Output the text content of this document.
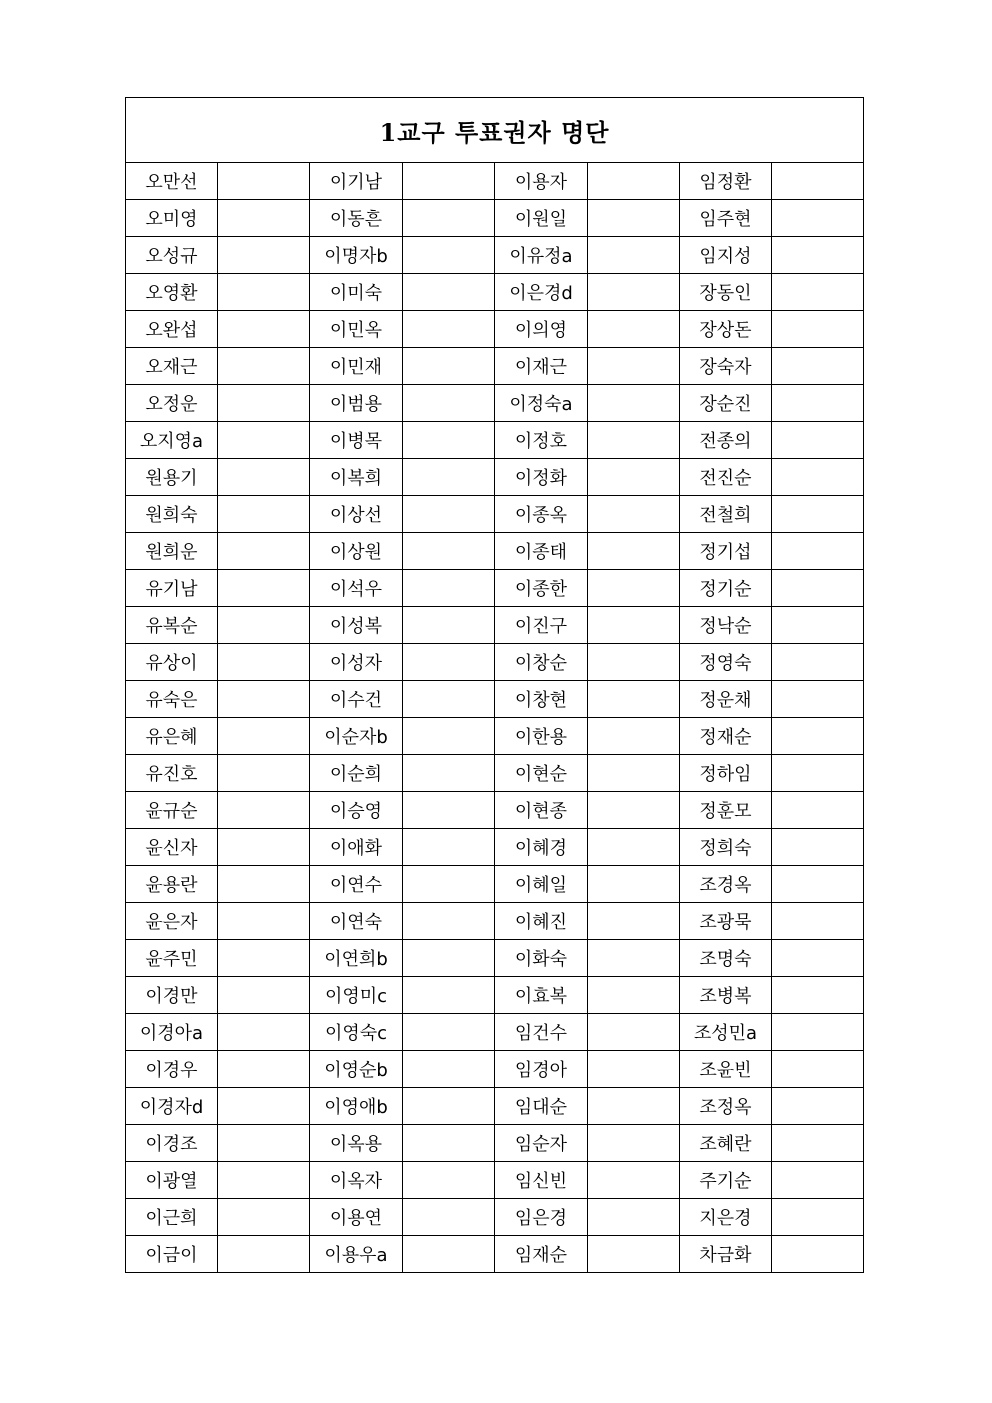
1교구 투표권자 명단							
오만선		이기남		이용자		임정환	
오미영		이동흔		이원일		임주현	
오성규		이명자b		이유정a		임지성	
오영환		이미숙		이은경d		장동인	
오완섭		이민옥		이의영		장상돈	
오재근		이민재		이재근		장숙자	
오정운		이범용		이정숙a		장순진	
오지영a		이병목		이정호		전종의	
원용기		이복희		이정화		전진순	
원희숙		이상선		이종옥		전철희	
원희운		이상원		이종태		정기섭	
유기남		이석우		이종한		정기순	
유복순		이성복		이진구		정낙순	
유상이		이성자		이창순		정영숙	
유숙은		이수건		이창현		정운채	
유은혜		이순자b		이한용		정재순	
유진호		이순희		이현순		정하임	
윤규순		이승영		이현종		정훈모	
윤신자		이애화		이혜경		정희숙	
윤용란		이연수		이혜일		조경옥	
윤은자		이연숙		이혜진		조광묵	
윤주민		이연희b		이화숙		조명숙	
이경만		이영미c		이효복		조병복	
이경아a		이영숙c		임건수		조성민a	
이경우		이영순b		임경아		조윤빈	
이경자d		이영애b		임대순		조정옥	
이경조		이옥용		임순자		조혜란	
이광열		이옥자		임신빈		주기순	
이근희		이용연		임은경		지은경	
이금이		이용우a		임재순		차금화	
